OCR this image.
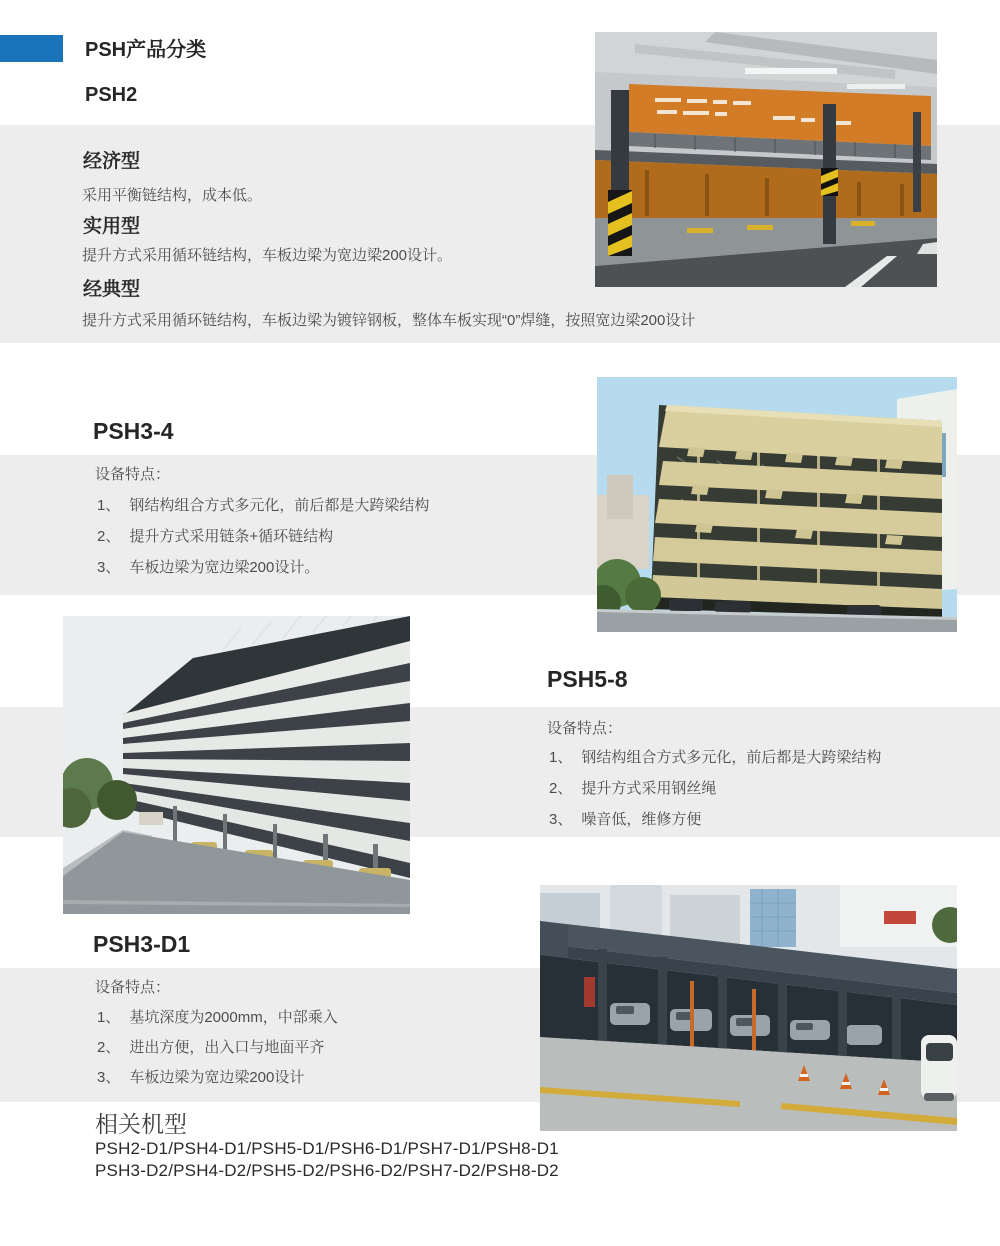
PSH产品分类
PSH2
经济型
采用平衡链结构，成本低。
实用型
提升方式采用循环链结构，车板边梁为宽边梁200设计。
经典型
提升方式采用循环链结构，车板边梁为镀锌钢板，整体车板实现“0”焊缝，按照宽边梁200设计
PSH3-4
设备特点：
1、 钢结构组合方式多元化，前后都是大跨梁结构
2、 提升方式采用链条+循环链结构
3、 车板边梁为宽边梁200设计。
PSH5-8
设备特点：
1、 钢结构组合方式多元化，前后都是大跨梁结构
2、 提升方式采用钢丝绳
3、 噪音低，维修方便
PSH3-D1
设备特点：
1、 基坑深度为2000mm，中部乘入
2、 进出方便，出入口与地面平齐
3、 车板边梁为宽边梁200设计
相关机型
PSH2-D1/PSH4-D1/PSH5-D1/PSH6-D1/PSH7-D1/PSH8-D1
PSH3-D2/PSH4-D2/PSH5-D2/PSH6-D2/PSH7-D2/PSH8-D2
